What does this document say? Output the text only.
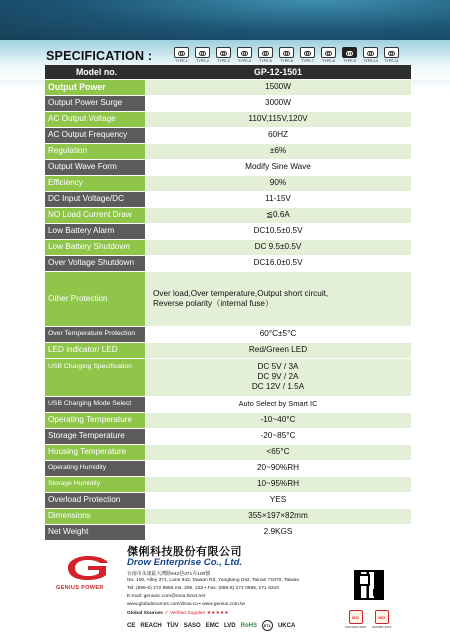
SPECIFICATION :	TYPE-1 TYPE-2 TYPE-3 TYPE-4 TYPE-5 TYPE-6 TYPE-7 TYPE-8 TYPE-9 TYPE-10 TYPE-11
Model no.	GP-12-1501
Output Power	1500W
Output Power Surge	3000W
AC Output Voltage	110V,115V,120V
AC Output Frequency	60HZ
Regulation	±6%
Output Wave Form	Modify Sine Wave
Efficiency	90%
DC Input Voltage/DC	11-15V
NO Load Current Draw	≦0.6A
Low Battery Alarm	DC10.5±0.5V
Low Battery Shutdown	DC 9.5±0.5V
Over Voltage Shutdown	DC16.0±0.5V
Other Protection	Over load,Over temperature,Output short circuit,
Reverse polarity（internal fuse）

Over Temperature Protection	60°C±5°C
LED indicator/ LED	Red/Green LED
USB Charging Specification	DC 5V / 3A
DC 9V / 2A
DC 12V / 1.5A

USB Charging Mode Select	Auto Select by Smart IC
Operating Temperature	-10~40°C
Storage Temperature	-20~85°C
Housing Temperature	<65°C
Operating Humidity	20~90%RH
Storage Humidity	10~95%RH
Overload Protection	YES
Dimensions	355×197×82mm
Net Weight	2.9KGS
GENIUS POWER
傑俐科技股份有限公司
Drow Enterprise Co., Ltd.
台南市永康區大灣路942巷371弄100號
No. 100, Alley 371, Lane 942, Dawan Rd, Yongkang Dist, Tainan 71070, Taiwan
Tel: (886-6) 272 8555 ext. 206, 223 • Fax: (886-6) 272 0985, 271 6310
E-mail: geniusc.com@msa.hinet.net
www.globalsources.com/drow.co • www.genius.com.tw
Global Sources ✓ Verified Supplier ★★★★★
CE REACH TÜV SASO EMC LVD RoHS	ETL	UKCA
ISO
ISO14001:2015
ISO
ISO9001:2015
